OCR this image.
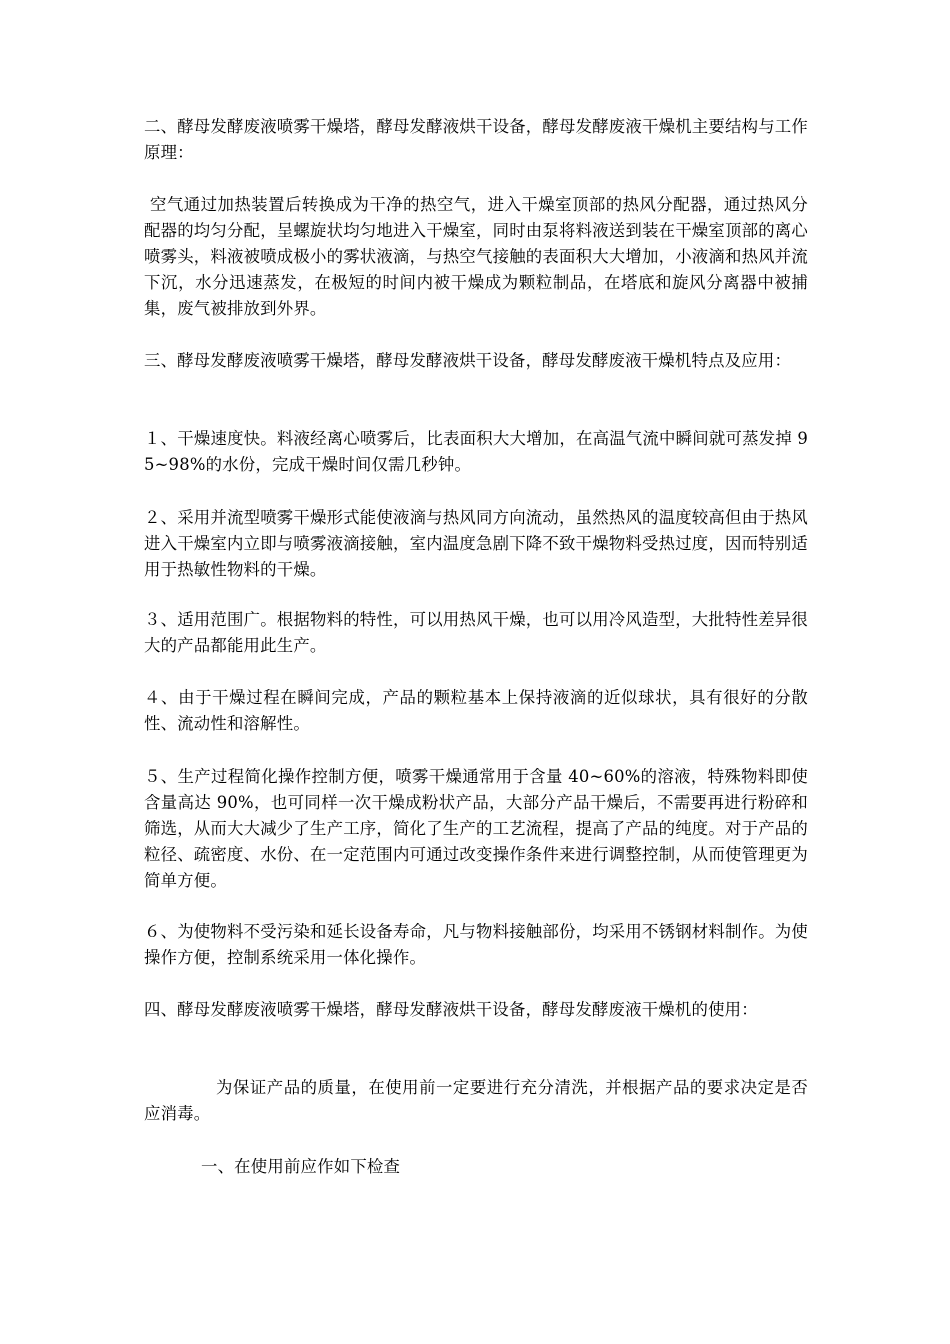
二、酵母发酵废液喷雾干燥塔，酵母发酵液烘干设备，酵母发酵废液干燥机主要结构与工作原理：

空气通过加热装置后转换成为干净的热空气，进入干燥室顶部的热风分配器，通过热风分配器的均匀分配，呈螺旋状均匀地进入干燥室，同时由泵将料液送到装在干燥室顶部的离心喷雾头，料液被喷成极小的雾状液滴，与热空气接触的表面积大大增加，小液滴和热风并流下沉，水分迅速蒸发，在极短的时间内被干燥成为颗粒制品，在塔底和旋风分离器中被捕集，废气被排放到外界。

三、酵母发酵废液喷雾干燥塔，酵母发酵液烘干设备，酵母发酵废液干燥机特点及应用：

１、干燥速度快。料液经离心喷雾后，比表面积大大增加，在高温气流中瞬间就可蒸发掉 95~98%的水份，完成干燥时间仅需几秒钟。

２、采用并流型喷雾干燥形式能使液滴与热风同方向流动，虽然热风的温度较高但由于热风进入干燥室内立即与喷雾液滴接触，室内温度急剧下降不致干燥物料受热过度，因而特别适用于热敏性物料的干燥。

３、适用范围广。根据物料的特性，可以用热风干燥，也可以用冷风造型，大批特性差异很大的产品都能用此生产。

４、由于干燥过程在瞬间完成，产品的颗粒基本上保持液滴的近似球状，具有很好的分散性、流动性和溶解性。

５、生产过程简化操作控制方便，喷雾干燥通常用于含量 40~60%的溶液，特殊物料即使含量高达 90%，也可同样一次干燥成粉状产品，大部分产品干燥后，不需要再进行粉碎和筛选，从而大大减少了生产工序，简化了生产的工艺流程，提高了产品的纯度。对于产品的粒径、疏密度、水份、在一定范围内可通过改变操作条件来进行调整控制，从而使管理更为简单方便。

６、为使物料不受污染和延长设备寿命，凡与物料接触部份，均采用不锈钢材料制作。为使操作方便，控制系统采用一体化操作。

四、酵母发酵废液喷雾干燥塔，酵母发酵液烘干设备，酵母发酵废液干燥机的使用：

为保证产品的质量，在使用前一定要进行充分清洗，并根据产品的要求决定是否应消毒。

一、在使用前应作如下检查
